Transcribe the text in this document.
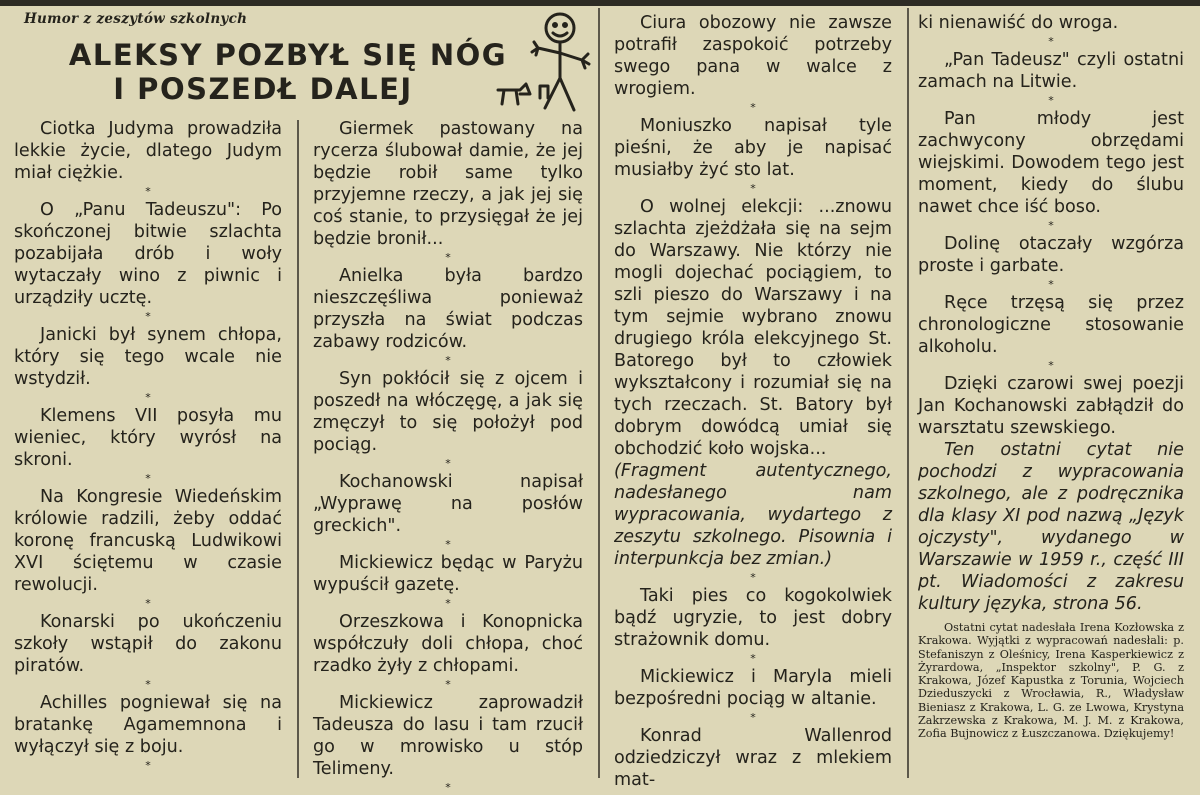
Humor z zeszytów szkolnych
ALEKSY POZBYŁ SIĘ NÓG
I POSZEDŁ DALEJ

Ciotka Judyma prowadziła lekkie życie, dlatego Judym miał ciężkie.

*

O „Panu Tadeuszu": Po skończonej bitwie szlachta pozabijała drób i woły wytaczały wino z piwnic i urządziły ucztę.

*

Janicki był synem chłopa, który się tego wcale nie wstydził.

*

Klemens VII posyła mu wieniec, który wyrósł na skroni.

*

Na Kongresie Wiedeńskim królowie radzili, żeby oddać koronę francuską Ludwikowi XVI ściętemu w czasie rewolucji.

*

Konarski po ukończeniu szkoły wstąpił do zakonu piratów.

*

Achilles pogniewał się na bratankę Agamemnona i wyłączył się z boju.

*

Giermek pastowany na rycerza ślubował damie, że jej będzie robił same tylko przyjemne rzeczy, a jak jej się coś stanie, to przysięgał że jej będzie bronił...

*

Anielka była bardzo nieszczęśliwa ponieważ przyszła na świat podczas zabawy rodziców.

*

Syn pokłócił się z ojcem i poszedł na włóczęgę, a jak się zmęczył to się położył pod pociąg.

*

Kochanowski napisał „Wyprawę na posłów greckich".

*

Mickiewicz będąc w Paryżu wypuścił gazetę.

*

Orzeszkowa i Konopnicka współczuły doli chłopa, choć rzadko żyły z chłopami.

*

Mickiewicz zaprowadził Tadeusza do lasu i tam rzucił go w mrowisko u stóp Telimeny.

*

Ciura obozowy nie zawsze potrafił zaspokoić potrzeby swego pana w walce z wrogiem.

*

Moniuszko napisał tyle pieśni, że aby je napisać musiałby żyć sto lat.

*

O wolnej elekcji: ...znowu szlachta zjeżdżała się na sejm do Warszawy. Nie którzy nie mogli dojechać pociągiem, to szli pieszo do Warszawy i na tym sejmie wybrano znowu drugiego króla elekcyjnego St. Batorego był to człowiek wykształcony i rozumiał się na tych rzeczach. St. Batory był dobrym dowódcą umiał się obchodzić koło wojska...

(Fragment autentycznego, nadesłanego nam wypracowania, wydartego z zeszytu szkolnego. Pisownia i interpunkcja bez zmian.)

*

Taki pies co kogokolwiek bądź ugryzie, to jest dobry strażownik domu.

*

Mickiewicz i Maryla mieli bezpośredni pociąg w altanie.

*

Konrad Wallenrod odziedziczył wraz z mlekiem mat-

ki nienawiść do wroga.

*

„Pan Tadeusz" czyli ostatni zamach na Litwie.

*

Pan młody jest zachwycony obrzędami wiejskimi. Dowodem tego jest moment, kiedy do ślubu nawet chce iść boso.

*

Dolinę otaczały wzgórza proste i garbate.

*

Ręce trzęsą się przez chronologiczne stosowanie alkoholu.

*

Dzięki czarowi swej poezji Jan Kochanowski zabłądził do warsztatu szewskiego.

Ten ostatni cytat nie pochodzi z wypracowania szkolnego, ale z podręcznika dla klasy XI pod nazwą „Język ojczysty", wydanego w Warszawie w 1959 r., część III pt. Wiadomości z zakresu kultury języka, strona 56.

Ostatni cytat nadesłała Irena Kozłowska z Krakowa. Wyjątki z wypracowań nadesłali: p. Stefaniszyn z Oleśnicy, Irena Kasperkiewicz z Żyrardowa, „Inspektor szkolny", P. G. z Krakowa, Józef Kapustka z Torunia, Wojciech Dzieduszycki z Wrocławia, R., Władysław Bieniasz z Krakowa, L. G. ze Lwowa, Krystyna Zakrzewska z Krakowa, M. J. M. z Krakowa, Zofia Bujnowicz z Łuszczanowa. Dziękujemy!
